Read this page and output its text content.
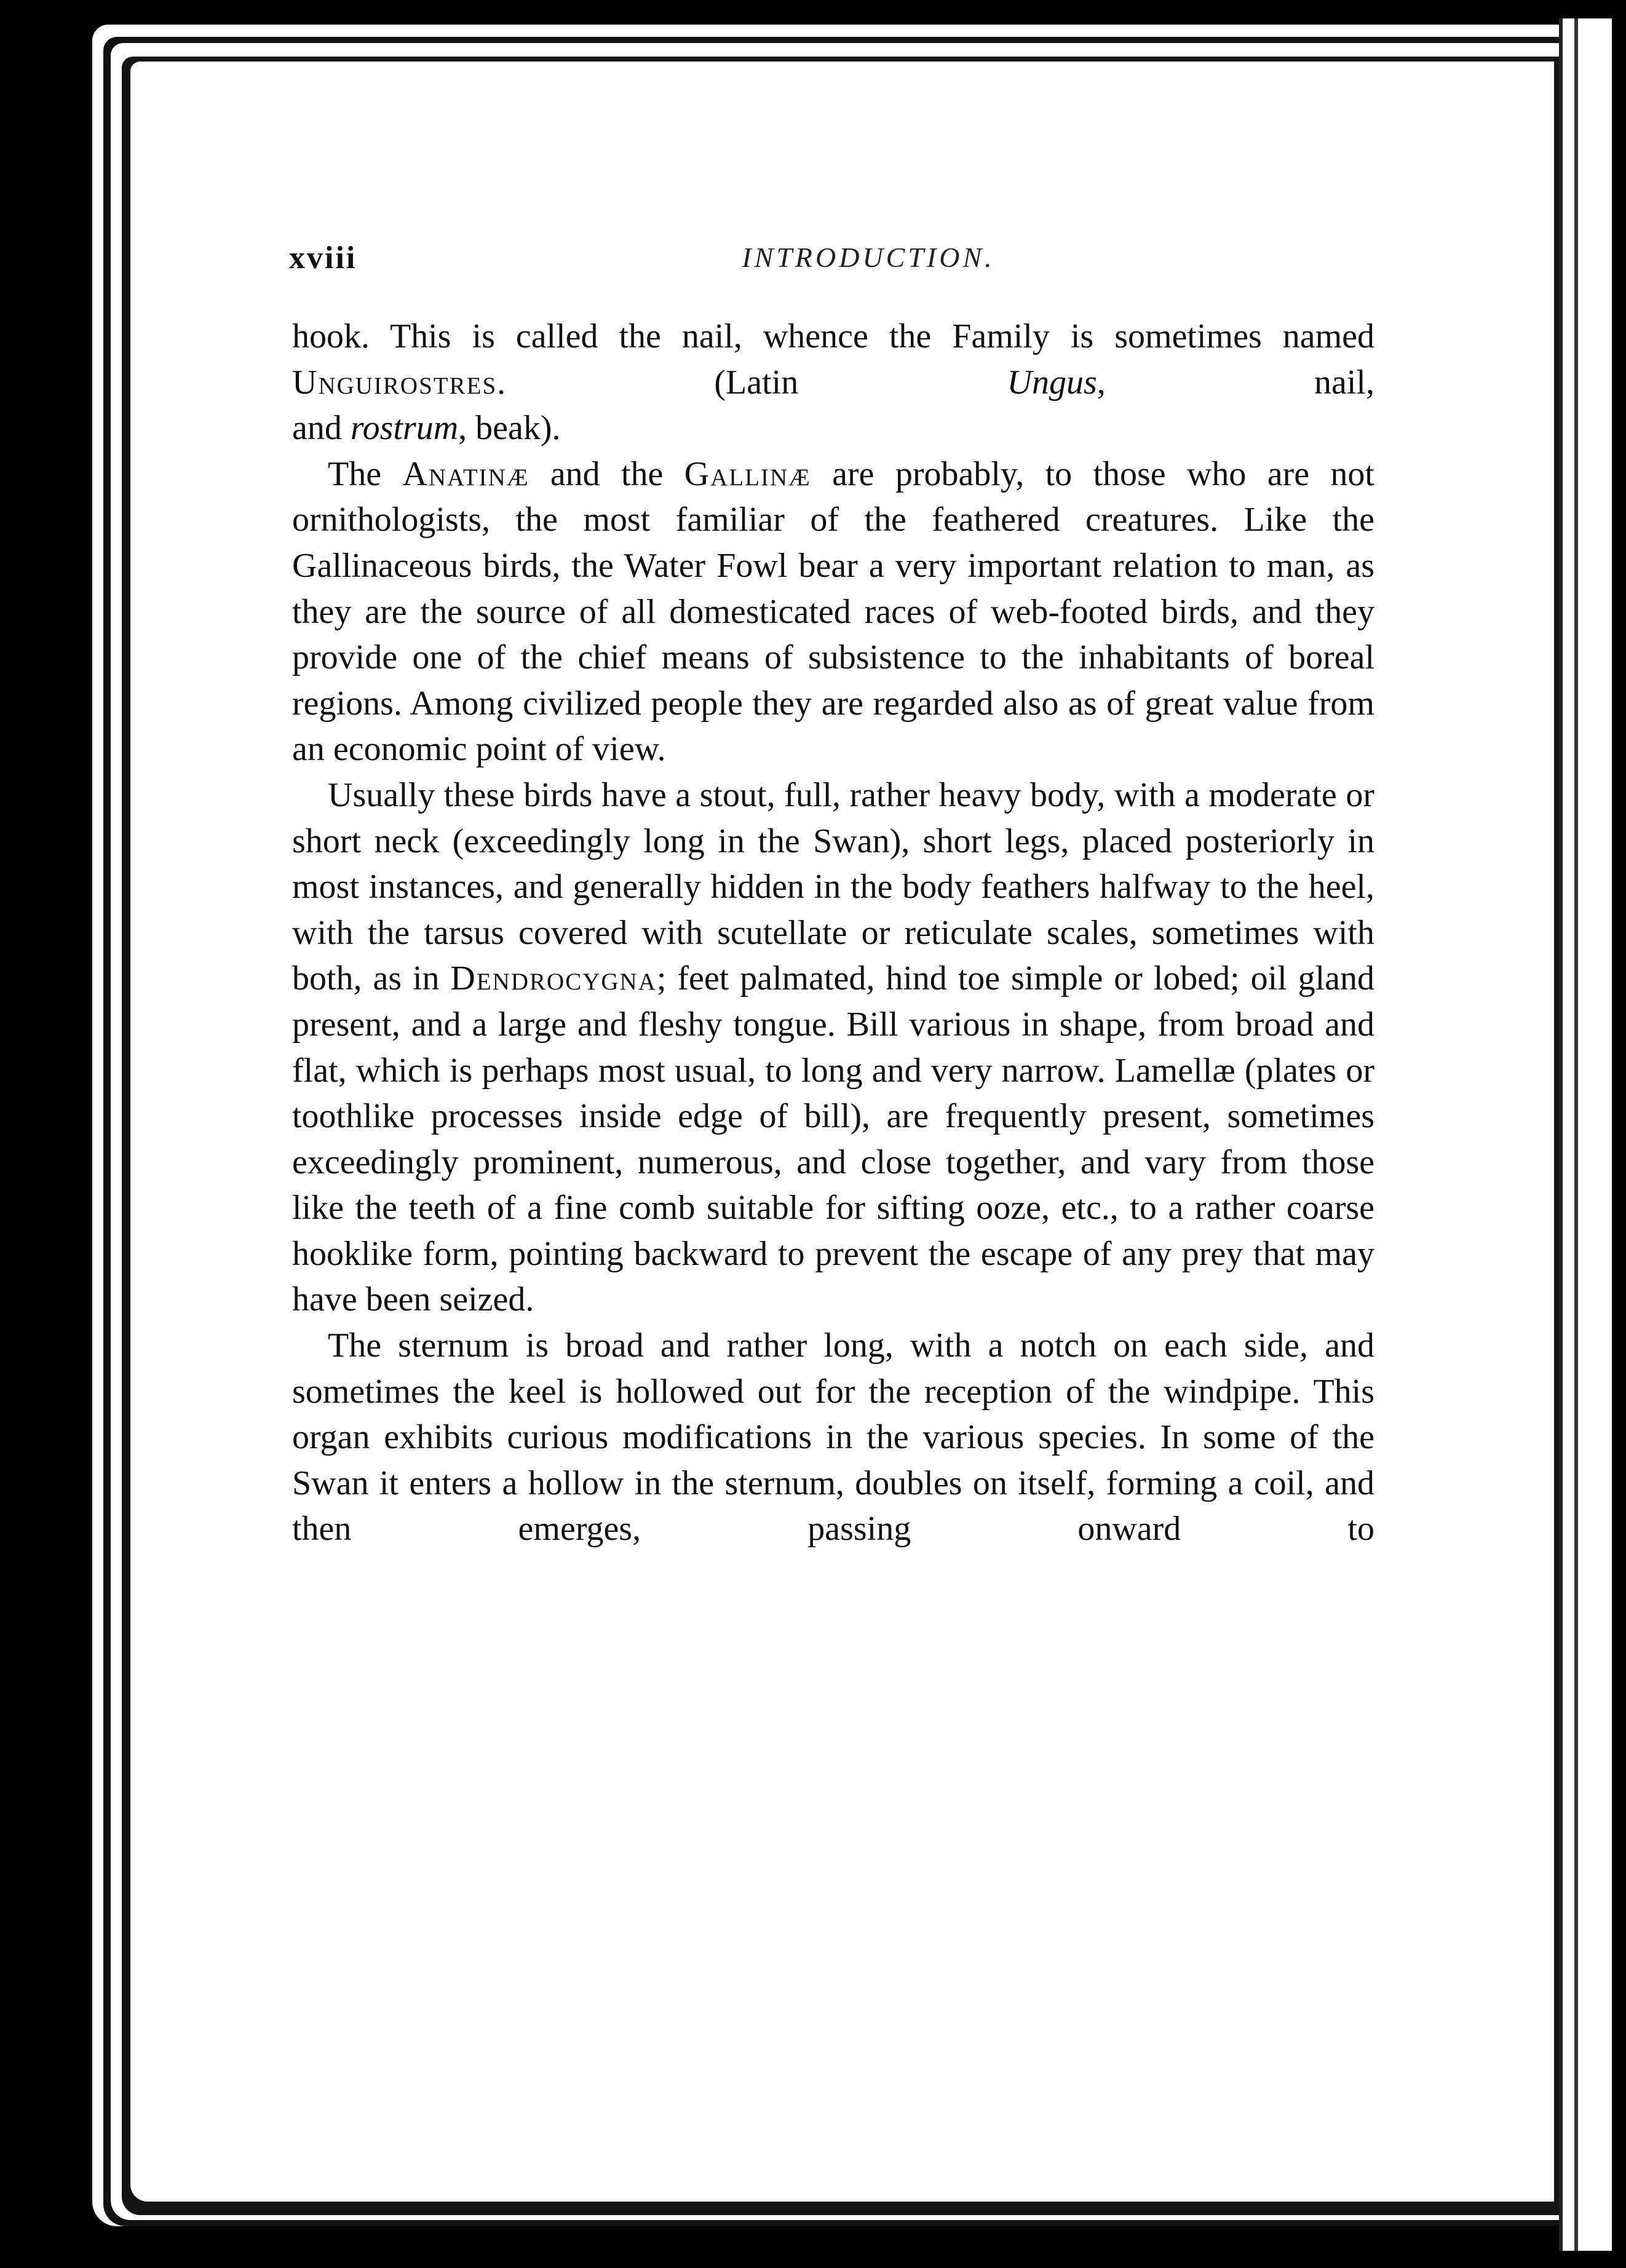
xviii	INTRODUCTION.

hook. This is called the nail, whence the Family is sometimes named Unguirostres. (Latin Ungus, nail,

and rostrum, beak).

The Anatinæ and the Gallinæ are probably, to those who are not ornithologists, the most familiar of the feathered creatures. Like the Gallinaceous birds, the Water Fowl bear a very important relation to man, as they are the source of all domesticated races of web-footed birds, and they provide one of the chief means of subsistence to the inhabitants of boreal regions. Among civilized people they are regarded also as of great value from an economic point of view.

Usually these birds have a stout, full, rather heavy body, with a moderate or short neck (exceedingly long in the Swan), short legs, placed posteriorly in most instances, and generally hidden in the body feathers halfway to the heel, with the tarsus covered with scutellate or reticulate scales, sometimes with both, as in Dendrocygna; feet palmated, hind toe simple or lobed; oil gland present, and a large and fleshy tongue. Bill various in shape, from broad and flat, which is perhaps most usual, to long and very narrow. Lamellæ (plates or toothlike processes inside edge of bill), are frequently present, sometimes exceedingly prominent, numerous, and close together, and vary from those like the teeth of a fine comb suitable for sifting ooze, etc., to a rather coarse hooklike form, pointing backward to prevent the escape of any prey that may have been seized.

The sternum is broad and rather long, with a notch on each side, and sometimes the keel is hollowed out for the reception of the windpipe. This organ exhibits curious modifications in the various species. In some of the Swan it enters a hollow in the sternum, doubles on itself, forming a coil, and then emerges, passing onward to
